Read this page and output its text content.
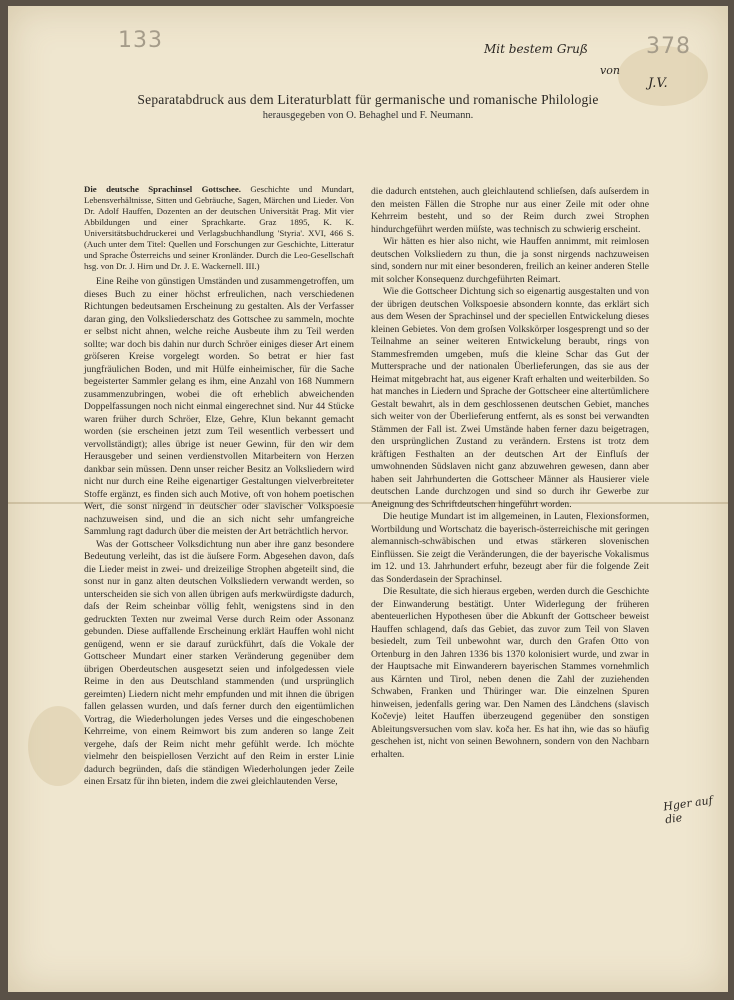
133	378
Mit bestem Gruß
von
J.V.
Separatabdruck aus dem Literaturblatt für germanische und romanische Philologie
herausgegeben von O. Behaghel und F. Neumann.

Die deutsche Sprachinsel Gottschee. Geschichte und Mundart, Lebensverhältnisse, Sitten und Gebräuche, Sagen, Märchen und Lieder. Von Dr. Adolf Hauffen, Dozenten an der deutschen Universität Prag. Mit vier Abbildungen und einer Sprachkarte. Graz 1895, K. K. Universitätsbuchdruckerei und Verlagsbuchhandlung 'Styria'. XVI, 466 S. (Auch unter dem Titel: Quellen und Forschungen zur Geschichte, Litteratur und Sprache Österreichs und seiner Kronländer. Durch die Leo-Gesellschaft hsg. von Dr. J. Hirn und Dr. J. E. Wackernell. III.)

Eine Reihe von günstigen Umständen und zusammengetroffen, um dieses Buch zu einer höchst erfreulichen, nach verschiedenen Richtungen bedeutsamen Erscheinung zu gestalten. Als der Verfasser daran ging, den Volksliederschatz des Gottschee zu sammeln, mochte er selbst nicht ahnen, welche reiche Ausbeute ihm zu Teil werden sollte; war doch bis dahin nur durch Schröer einiges dieser Art einem gröſseren Kreise vorgelegt worden. So betrat er hier fast jungfräulichen Boden, und mit Hülfe einheimischer, für die Sache begeisterter Sammler gelang es ihm, eine Anzahl von 168 Nummern zusammenzubringen, wobei die oft erheblich abweichenden Doppelfassungen noch nicht einmal eingerechnet sind. Nur 44 Stücke waren früher durch Schröer, Elze, Gehre, Klun bekannt gemacht worden (sie erscheinen jetzt zum Teil wesentlich verbessert und vervollständigt); alles übrige ist neuer Gewinn, für den wir dem Herausgeber und seinen verdienstvollen Mitarbeitern von Herzen dankbar sein müssen. Denn unser reicher Besitz an Volksliedern wird nicht nur durch eine Reihe eigenartiger Gestaltungen vielverbreiteter Stoffe ergänzt, es finden sich auch Motive, oft von hohem poetischen Wert, die sonst nirgend in deutscher oder slavischer Volkspoesie nachzuweisen sind, und die an sich nicht sehr umfangreiche Sammlung ragt dadurch über die meisten der Art beträchtlich hervor.

Was der Gottscheer Volksdichtung nun aber ihre ganz besondere Bedeutung verleiht, das ist die äuſsere Form. Abgesehen davon, daſs die Lieder meist in zwei- und dreizeilige Strophen abgeteilt sind, die sonst nur in ganz alten deutschen Volksliedern verwandt werden, so unterscheiden sie sich von allen übrigen aufs merkwürdigste dadurch, daſs der Reim scheinbar völlig fehlt, wenigstens sind in den gedruckten Texten nur zweimal Verse durch Reim oder Assonanz gebunden. Diese auffallende Erscheinung erklärt Hauffen wohl nicht genügend, wenn er sie darauf zurückführt, daſs die Vokale der Gottscheer Mundart einer starken Veränderung gegenüber dem übrigen Oberdeutschen ausgesetzt seien und infolgedessen viele Reime in den aus Deutschland stammenden (und ursprünglich gereimten) Liedern nicht mehr empfunden und mit ihnen die übrigen fallen gelassen wurden, und daſs ferner durch den eigentümlichen Vortrag, die Wiederholungen jedes Verses und die eingeschobenen Kehrreime, von einem Reimwort bis zum anderen so lange Zeit vergehe, daſs der Reim nicht mehr gefühlt werde. Ich möchte vielmehr den beispiellosen Verzicht auf den Reim in erster Linie dadurch begründen, daſs die ständigen Wiederholungen jeder Zeile einen Ersatz für ihn bieten, indem die zwei gleichlautenden Verse,

die dadurch entstehen, auch gleichlautend schlieſsen, daſs auſserdem in den meisten Fällen die Strophe nur aus einer Zeile mit oder ohne Kehrreim besteht, und so der Reim durch zwei Strophen hindurchgeführt werden müſste, was technisch zu schwierig erscheint.

Wir hätten es hier also nicht, wie Hauffen annimmt, mit reimlosen deutschen Volksliedern zu thun, die ja sonst nirgends nachzuweisen sind, sondern nur mit einer besonderen, freilich an keiner anderen Stelle mit solcher Konsequenz durchgeführten Reimart.

Wie die Gottscheer Dichtung sich so eigenartig ausgestalten und von der übrigen deutschen Volkspoesie absondern konnte, das erklärt sich aus dem Wesen der Sprachinsel und der speciellen Entwickelung dieses kleinen Gebietes. Von dem groſsen Volkskörper losgesprengt und so der Teilnahme an seiner weiteren Entwickelung beraubt, rings von Stammesfremden umgeben, muſs die kleine Schar das Gut der Muttersprache und der nationalen Überlieferungen, das sie aus der Heimat mitgebracht hat, aus eigener Kraft erhalten und weiterbilden. So hat manches in Liedern und Sprache der Gottscheer eine altertümlichere Gestalt bewahrt, als in dem geschlossenen deutschen Gebiet, manches sich weiter von der Überlieferung entfernt, als es sonst bei verwandten Stämmen der Fall ist. Zwei Umstände haben ferner dazu beigetragen, den ursprünglichen Zustand zu verändern. Erstens ist trotz dem kräftigen Festhalten an der deutschen Art der Einfluſs der umwohnenden Südslaven nicht ganz abzuwehren gewesen, dann aber haben seit Jahrhunderten die Gottscheer Männer als Hausierer viele deutschen Lande durchzogen und sind so durch ihr Gewerbe zur Aneignung des Schriftdeutschen hingeführt worden.

Die heutige Mundart ist im allgemeinen, in Lauten, Flexionsformen, Wortbildung und Wortschatz die bayerisch-österreichische mit geringen alemannisch-schwäbischen und etwas stärkeren slovenischen Einflüssen. Sie zeigt die Veränderungen, die der bayerische Vokalismus im 12. und 13. Jahrhundert erfuhr, bezeugt aber für die folgende Zeit das Sonderdasein der Sprachinsel.

Die Resultate, die sich hieraus ergeben, werden durch die Geschichte der Einwanderung bestätigt. Unter Widerlegung der früheren abenteuerlichen Hypothesen über die Abkunft der Gottscheer beweist Hauffen schlagend, daſs das Gebiet, das zuvor zum Teil von Slaven besiedelt, zum Teil unbewohnt war, durch den Grafen Otto von Ortenburg in den Jahren 1336 bis 1370 kolonisiert wurde, und zwar in der Hauptsache mit Einwanderern bayerischen Stammes vornehmlich aus Kärnten und Tirol, neben denen die Zahl der zuziehenden Schwaben, Franken und Thüringer war. Die einzelnen Spuren hinweisen, jedenfalls gering war. Den Namen des Ländchens (slavisch Kočevje) leitet Hauffen überzeugend gegenüber den sonstigen Ableitungsversuchen vom slav. koča her. Es hat ihn, wie das so häufig geschehen ist, nicht von seinen Bewohnern, sondern von den Nachbarn erhalten.

Hger auf die
